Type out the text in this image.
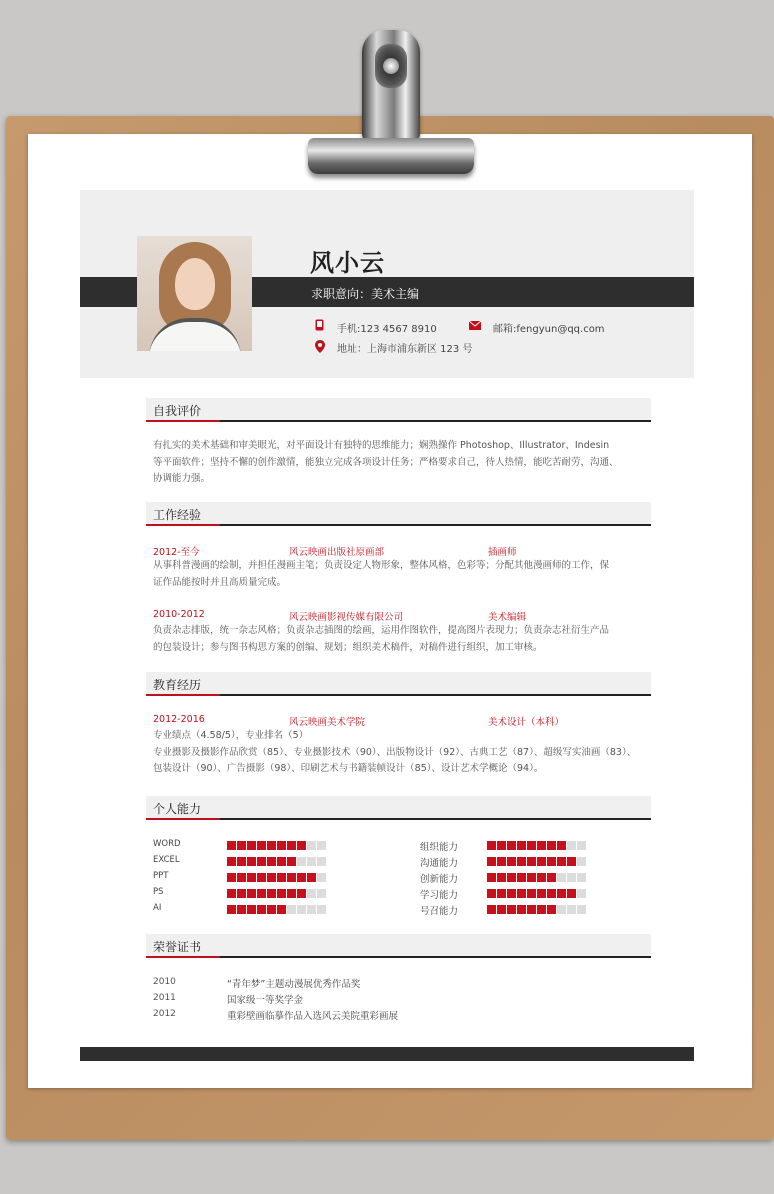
风小云
求职意向：美术主编
手机:123 4567 8910	邮箱:fengyun@qq.com
地址：上海市浦东新区 123 号
自我评价
有扎实的美术基础和审美眼光，对平面设计有独特的思维能力；娴熟操作 Photoshop、Illustrator、Indesin
等平面软件；坚持不懈的创作激情，能独立完成各项设计任务；严格要求自己，待人热情，能吃苦耐劳，沟通、
协调能力强。
工作经验
2012-至今	风云映画出版社原画部	插画师
从事科普漫画的绘制，并担任漫画主笔；负责设定人物形象，整体风格，色彩等；分配其他漫画师的工作，保
证作品能按时并且高质量完成。
2010-2012	风云映画影视传媒有限公司	美术编辑
负责杂志排版，统一杂志风格；负责杂志插图的绘画，运用作图软件，提高图片表现力；负责杂志社衍生产品
的包装设计；参与图书构思方案的创编、规划；组织美术稿件，对稿件进行组织，加工审核。
教育经历
2012-2016	风云映画美术学院	美术设计（本科）
专业绩点（4.58/5），专业排名（5）
专业摄影及摄影作品欣赏（85）、专业摄影技术（90）、出版物设计（92）、古典工艺（87）、超级写实油画（83）、
包装设计（90）、广告摄影（98）、印刷艺术与书籍装帧设计（85）、设计艺术学概论（94）。
个人能力
WORD
EXCEL
PPT
PS
AI
组织能力
沟通能力
创新能力
学习能力
号召能力
荣誉证书
2010	“青年梦”主题动漫展优秀作品奖
2011	国家级一等奖学金
2012	重彩壁画临摹作品入选风云美院重彩画展
